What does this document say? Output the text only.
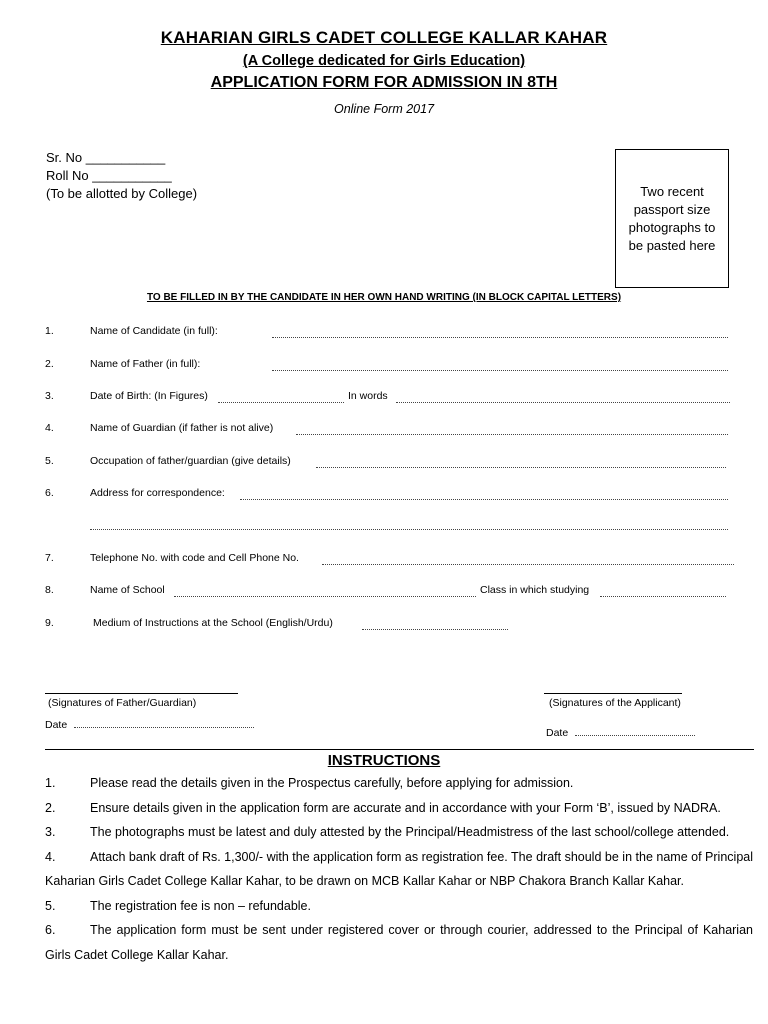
KAHARIAN GIRLS CADET COLLEGE KALLAR KAHAR
(A College dedicated for Girls Education)
APPLICATION FORM FOR ADMISSION IN 8TH
Online Form 2017
Sr. No ___________
Roll No ___________
(To be allotted by College)	Two recent passport size photographs to be pasted here
TO BE FILLED IN BY THE CANDIDATE IN HER OWN HAND WRITING (IN BLOCK CAPITAL LETTERS)
1.	Name of Candidate (in full):
2.	Name of Father (in full):
3.	Date of Birth: (In Figures)	In words
4.	Name of Guardian (if father is not alive)
5.	Occupation of father/guardian (give details)
6.	Address for correspondence:
7.	Telephone No. with code and Cell Phone No.
8.	Name of School	Class in which studying
9.	Medium of Instructions at the School (English/Urdu)
(Signatures of Father/Guardian)
Date
(Signatures of the Applicant)
Date
INSTRUCTIONS
1.	Please read the details given in the Prospectus carefully, before applying for admission.
2.	Ensure details given in the application form are accurate and in accordance with your Form ‘B’, issued by NADRA.
3.	The photographs must be latest and duly attested by the Principal/Headmistress of the last school/college attended.
4.	Attach bank draft of Rs. 1,300/- with the application form as registration fee. The draft should be in the name of Principal Kaharian Girls Cadet College Kallar Kahar, to be drawn on MCB Kallar Kahar or NBP Chakora Branch Kallar Kahar.
5.	The registration fee is non – refundable.
6.	The application form must be sent under registered cover or through courier, addressed to the Principal of Kaharian Girls Cadet College Kallar Kahar.
